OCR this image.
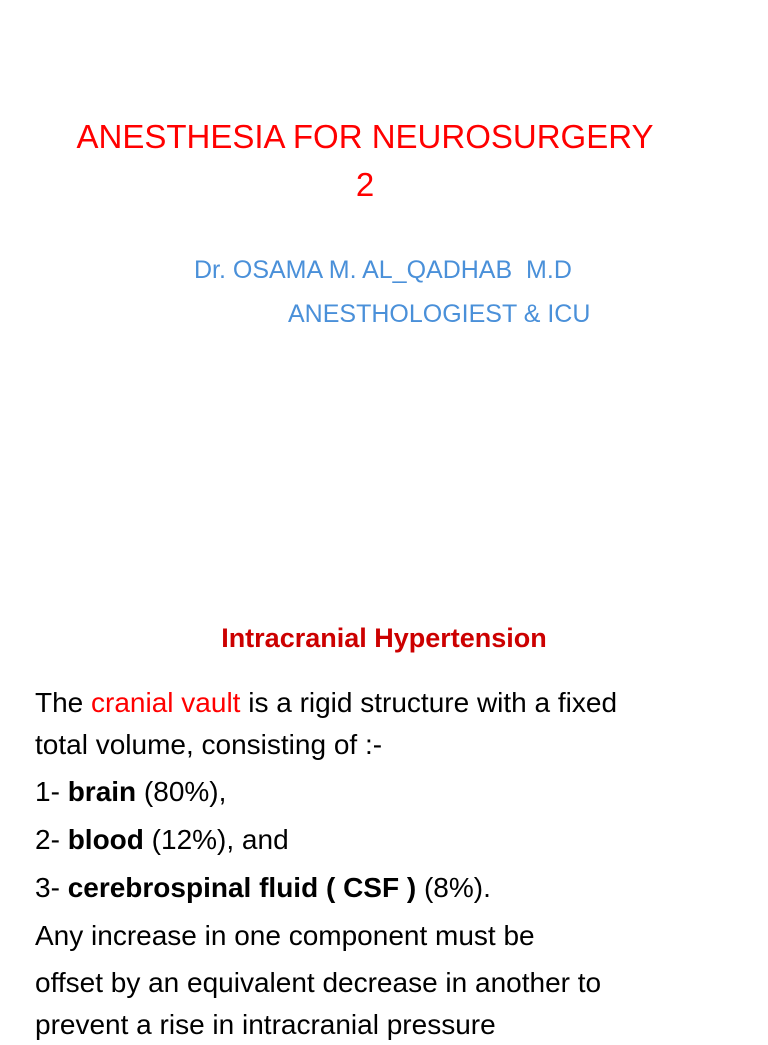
ANESTHESIA FOR NEUROSURGERY
2

Dr. OSAMA M. AL_QADHAB  M.D

ANESTHOLOGIEST & ICU

Intracranial Hypertension

The cranial vault is a rigid structure with a fixed

total volume, consisting of :-

1- brain (80%),

2- blood (12%), and

3- cerebrospinal fluid ( CSF ) (8%).

Any increase in one component must be

offset by an equivalent decrease in another to

prevent a rise in intracranial pressure
